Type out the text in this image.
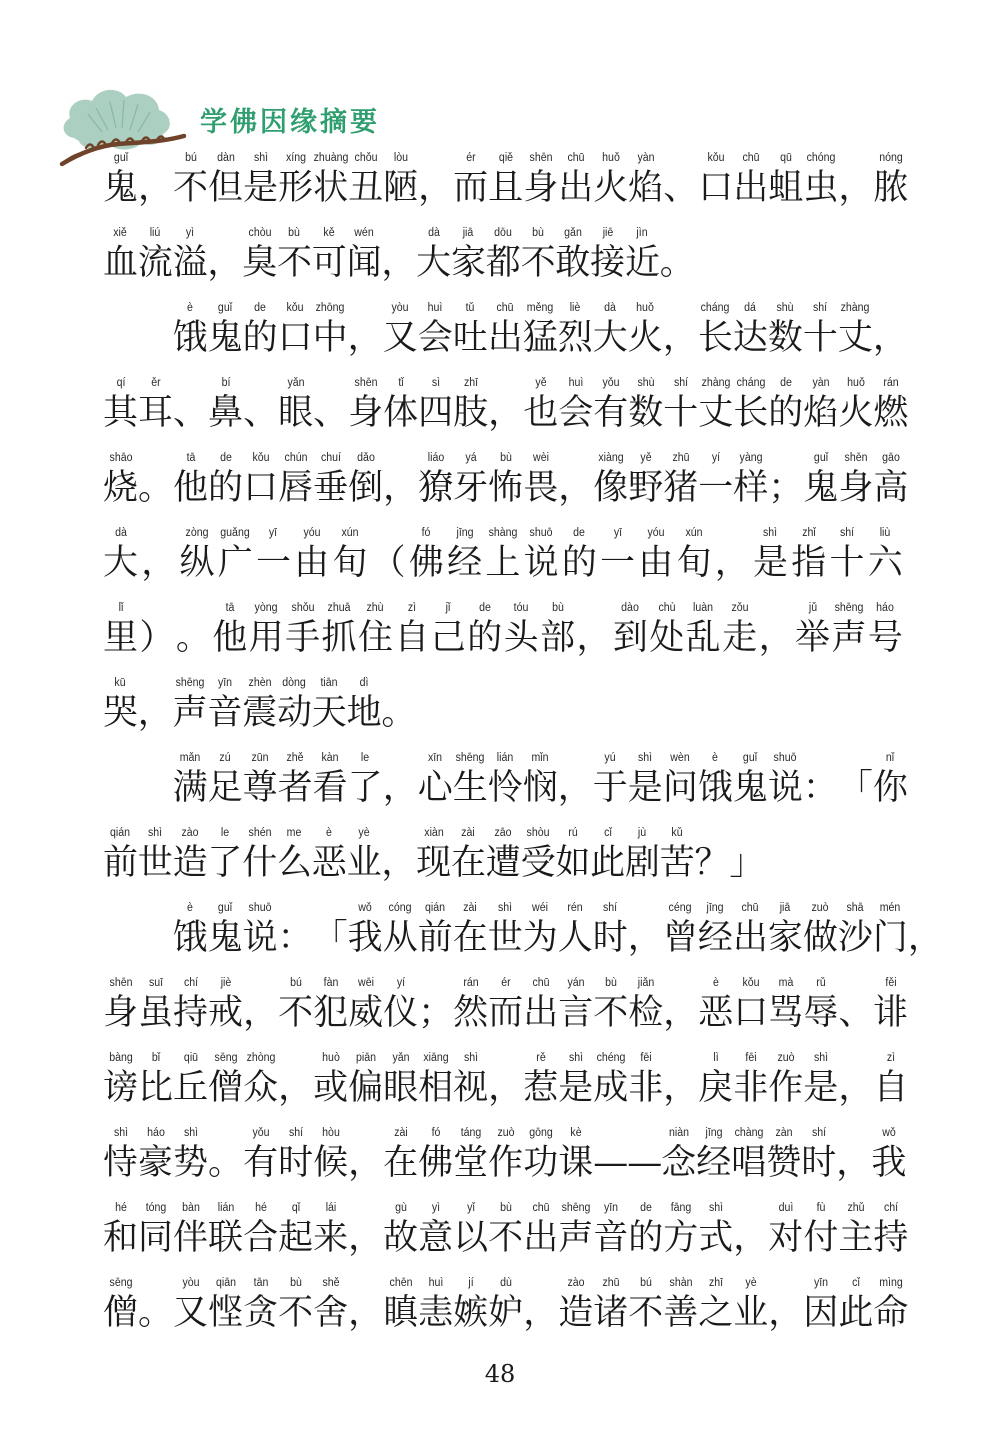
学佛因缘摘要
guǐ
鬼 ，
bú
不
dàn
但
shì
是
xíng
形
zhuàng
状
chǒu
丑
lòu
陋 ，
ér
而
qiě
且
shēn
身
chū
出
huǒ
火
yàn
焰 、
kǒu
口
chū
出
qū
蛆
chóng
虫 ，
nóng
脓
xiě
血
liú
流
yì
溢 ，
chòu
臭
bù
不
kě
可
wén
闻 ，
dà
大
jiā
家
dōu
都
bù
不
gǎn
敢
jiē
接
jìn
近 。
è
饿
guǐ
鬼
de
的
kǒu
口
zhōng
中 ，
yòu
又
huì
会
tǔ
吐
chū
出
měng
猛
liè
烈
dà
大
huǒ
火 ，
cháng
长
dá
达
shù
数
shí
十
zhàng
丈 ，
qí
其
ěr
耳 、
bí
鼻 、
yǎn
眼 、
shēn
身
tǐ
体
sì
四
zhī
肢 ，
yě
也
huì
会
yǒu
有
shù
数
shí
十
zhàng
丈
cháng
长
de
的
yàn
焰
huǒ
火
rán
燃
shāo
烧 。
tā
他
de
的
kǒu
口
chún
唇
chuí
垂
dǎo
倒 ，
liáo
獠
yá
牙
bù
怖
wèi
畏 ，
xiàng
像
yě
野
zhū
猪
yí
一
yàng
样 ；
guǐ
鬼
shēn
身
gāo
高
dà
大 ，
zòng
纵
guǎng
广
yī
一
yóu
由
xún
旬 （
fó
佛
jīng
经
shàng
上
shuō
说
de
的
yī
一
yóu
由
xún
旬 ，
shì
是
zhǐ
指
shí
十
liù
六
lǐ
里 ） 。
tā
他
yòng
用
shǒu
手
zhuā
抓
zhù
住
zì
自
jǐ
己
de
的
tóu
头
bù
部 ，
dào
到
chù
处
luàn
乱
zǒu
走 ，
jǔ
举
shēng
声
háo
号
kū
哭 ，
shēng
声
yīn
音
zhèn
震
dòng
动
tiān
天
dì
地 。
mǎn
满
zú
足
zūn
尊
zhě
者
kàn
看
le
了 ，
xīn
心
shēng
生
lián
怜
mǐn
悯 ，
yú
于
shì
是
wèn
问
è
饿
guǐ
鬼
shuō
说 ： 「
nǐ
你
qián
前
shì
世
zào
造
le
了
shén
什
me
么
è
恶
yè
业 ，
xiàn
现
zài
在
zāo
遭
shòu
受
rú
如
cǐ
此
jù
剧
kǔ
苦 ？ 」
è
饿
guǐ
鬼
shuō
说 ： 「
wǒ
我
cóng
从
qián
前
zài
在
shì
世
wéi
为
rén
人
shí
时 ，
céng
曾
jīng
经
chū
出
jiā
家
zuò
做
shā
沙
mén
门 ，
shēn
身
suī
虽
chí
持
jiè
戒 ，
bú
不
fàn
犯
wēi
威
yí
仪 ；
rán
然
ér
而
chū
出
yán
言
bù
不
jiǎn
检 ，
è
恶
kǒu
口
mà
骂
rǔ
辱 、
fěi
诽
bàng
谤
bǐ
比
qiū
丘
sēng
僧
zhòng
众 ，
huò
或
piān
偏
yǎn
眼
xiāng
相
shì
视 ，
rě
惹
shì
是
chéng
成
fēi
非 ，
lì
戾
fēi
非
zuò
作
shì
是 ，
zì
自
shì
恃
háo
豪
shì
势 。
yǒu
有
shí
时
hòu
候 ，
zài
在
fó
佛
táng
堂
zuò
作
gōng
功
kè
课 ——
niàn
念
jīng
经
chàng
唱
zàn
赞
shí
时 ，
wǒ
我
hé
和
tóng
同
bàn
伴
lián
联
hé
合
qǐ
起
lái
来 ，
gù
故
yì
意
yǐ
以
bù
不
chū
出
shēng
声
yīn
音
de
的
fāng
方
shì
式 ，
duì
对
fù
付
zhǔ
主
chí
持
sēng
僧 。
yòu
又
qiān
悭
tān
贪
bù
不
shě
舍 ，
chēn
瞋
huì
恚
jí
嫉
dù
妒 ，
zào
造
zhū
诸
bú
不
shàn
善
zhī
之
yè
业 ，
yīn
因
cǐ
此
mìng
命
48
